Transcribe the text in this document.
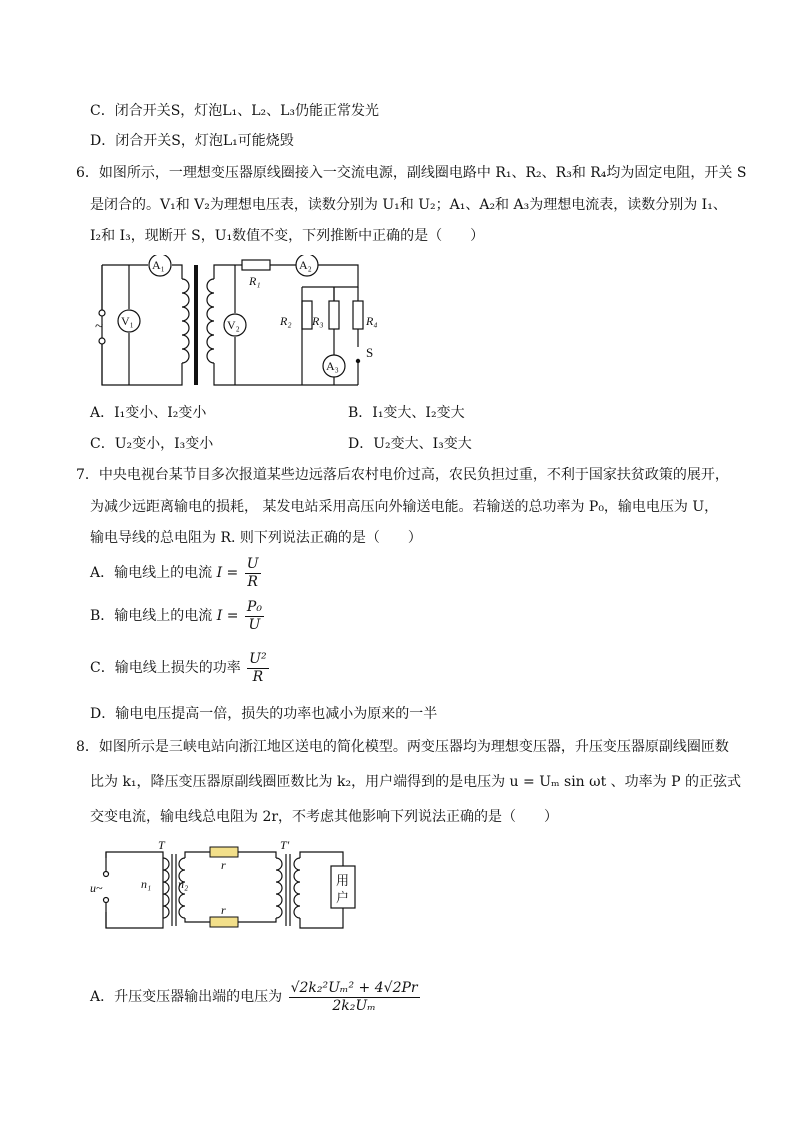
C．闭合开关S，灯泡L₁、L₂、L₃仍能正常发光
D．闭合开关S，灯泡L₁可能烧毁
6．如图所示，一理想变压器原线圈接入一交流电源，副线圈电路中 R₁、R₂、R₃和 R₄均为固定电阻，开关 S
是闭合的。V₁和 V₂为理想电压表，读数分别为 U₁和 U₂；A₁、A₂和 A₃为理想电流表，读数分别为 I₁、
I₂和 I₃，现断开 S，U₁数值不变，下列推断中正确的是（　　）
~ V₁
A₁
V₂
A₂
A₃
R₁
R₂ R₃	R₄
S
A．I₁变小、I₂变小	B．I₁变大、I₂变大
C．U₂变小，I₃变小	D．U₂变大、I₃变大
7．中央电视台某节目多次报道某些边远落后农村电价过高，农民负担过重，不利于国家扶贫政策的展开，
为减少远距离输电的损耗， 某发电站采用高压向外输送电能。若输送的总功率为 P₀，输电电压为 U，
输电导线的总电阻为 R. 则下列说法正确的是（　　）
A．输电线上的电流 $I = \frac{U}{R}$
B．输电线上的电流 $I = \frac{\text{P₀}}{U}$
C．输电线上损失的功率 $\frac{\text{U²}}{R}$
D．输电电压提高一倍，损失的功率也减小为原来的一半
8．如图所示是三峡电站向浙江地区送电的简化模型。两变压器均为理想变压器，升压变压器原副线圈匝数
比为 k₁，降压变压器原副线圈匝数比为 k₂，用户端得到的是电压为 u = Uₘ sin ωt 、功率为 P 的正弦式
交变电流，输电线总电阻为 2r，不考虑其他影响下列说法正确的是（　　）
T	T′
u~	n₁ n₂
r
r
用
户
A．升压变压器输出端的电压为 $\frac{\text{√2k₂²Uₘ² + 4√2Pr}}{\text{2k₂Uₘ}}$
